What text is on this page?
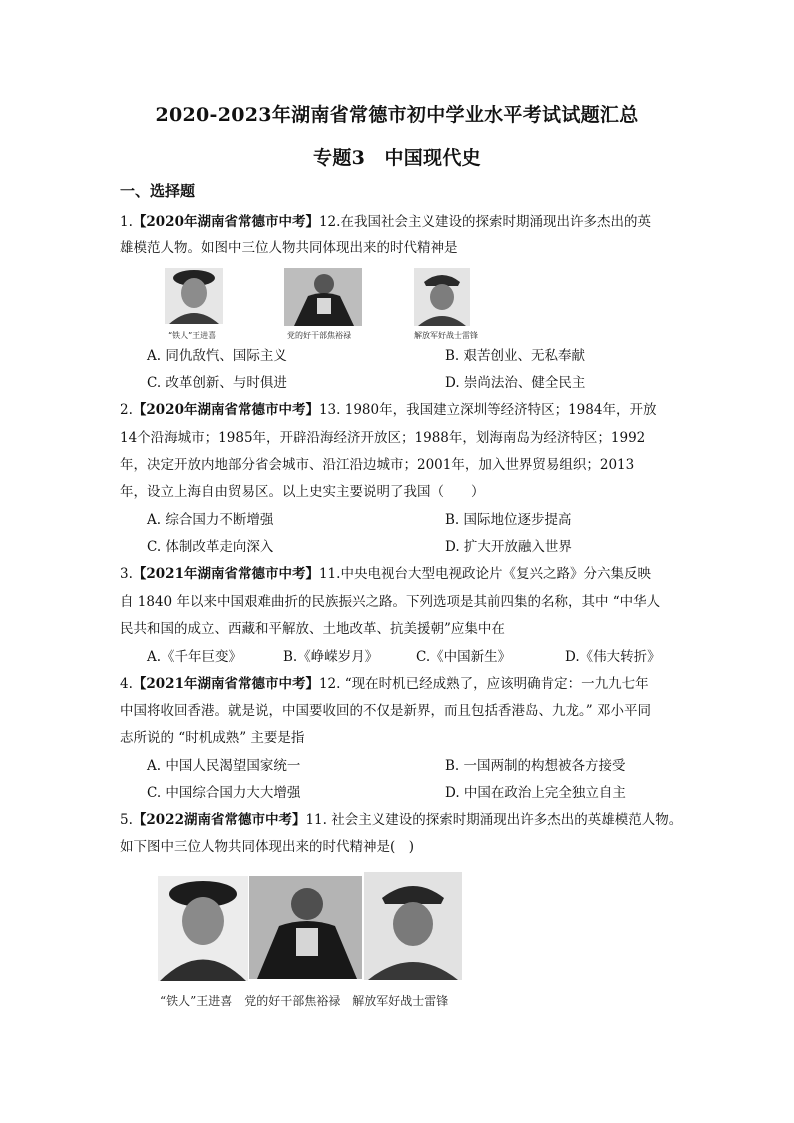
2020-2023年湖南省常德市初中学业水平考试试题汇总
专题3　中国现代史
一、选择题
1.【2020年湖南省常德市中考】12.在我国社会主义建设的探索时期涌现出许多杰出的英
雄模范人物。如图中三位人物共同体现出来的时代精神是
“铁人”王进喜	党的好干部焦裕禄	解放军好战士雷锋
A. 同仇敌忾、国际主义	B. 艰苦创业、无私奉献
C. 改革创新、与时俱进	D. 崇尚法治、健全民主
2.【2020年湖南省常德市中考】13. 1980年，我国建立深圳等经济特区；1984年，开放
14个沿海城市；1985年，开辟沿海经济开放区；1988年，划海南岛为经济特区；1992
年，决定开放内地部分省会城市、沿江沿边城市；2001年，加入世界贸易组织；2013
年，设立上海自由贸易区。以上史实主要说明了我国（　　）
A. 综合国力不断增强	B. 国际地位逐步提高
C. 体制改革走向深入	D. 扩大开放融入世界
3.【2021年湖南省常德市中考】11.中央电视台大型电视政论片《复兴之路》分六集反映
自 1840 年以来中国艰难曲折的民族振兴之路。下列选项是其前四集的名称，其中 “中华人
民共和国的成立、西藏和平解放、土地改革、抗美援朝”应集中在
A.《千年巨变》	B.《峥嵘岁月》	C.《中国新生》	D.《伟大转折》
4.【2021年湖南省常德市中考】12. “现在时机已经成熟了，应该明确肯定：一九九七年
中国将收回香港。就是说，中国要收回的不仅是新界，而且包括香港岛、九龙。” 邓小平同
志所说的 “时机成熟” 主要是指
A. 中国人民渴望国家统一	B. 一国两制的构想被各方接受
C. 中国综合国力大大增强	D. 中国在政治上完全独立自主
5.【2022湖南省常德市中考】11. 社会主义建设的探索时期涌现出许多杰出的英雄模范人物。
如下图中三位人物共同体现出来的时代精神是(　)
“铁人”王进喜　党的好干部焦裕禄　解放军好战士雷锋
